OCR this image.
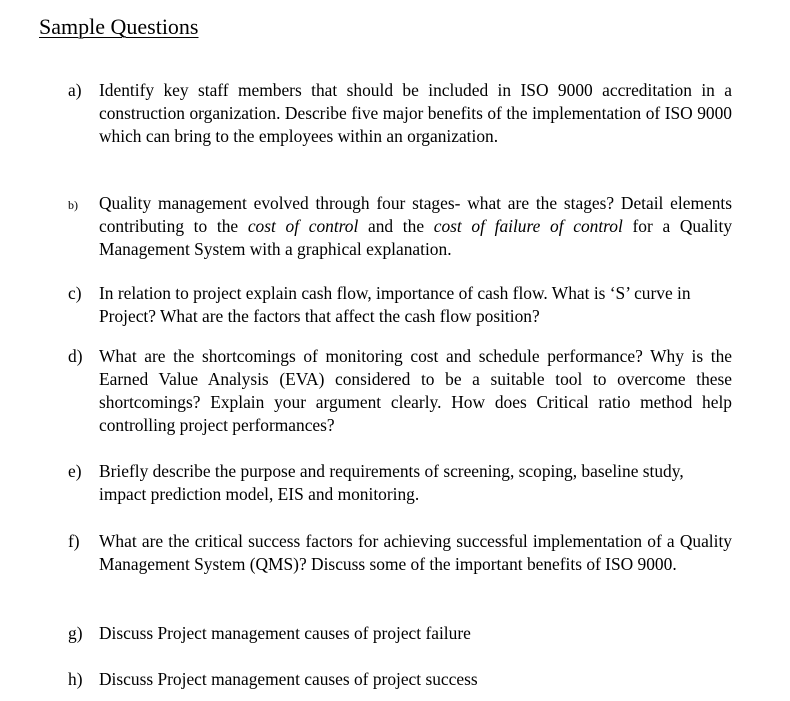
Sample Questions
a)	Identify key staff members that should be included in ISO 9000 accreditation in a construction organization. Describe five major benefits of the implementation of ISO 9000 which can bring to the employees within an organization.
b)	Quality management evolved through four stages- what are the stages? Detail elements contributing to the cost of control and the cost of failure of control for a Quality Management System with a graphical explanation.
c)	In relation to project explain cash flow, importance of cash flow. What is ‘S’ curve in Project? What are the factors that affect the cash flow position?
d) What are the shortcomings of monitoring cost and schedule performance? Why is the Earned Value Analysis (EVA) considered to be a suitable tool to overcome these shortcomings? Explain your argument clearly. How does Critical ratio method help controlling project performances?
e)	Briefly describe the purpose and requirements of screening, scoping, baseline study, impact prediction model, EIS and monitoring.
f)	What are the critical success factors for achieving successful implementation of a Quality Management System (QMS)? Discuss some of the important benefits of ISO 9000.
g) Discuss Project management causes of project failure
h) Discuss Project management causes of project success
